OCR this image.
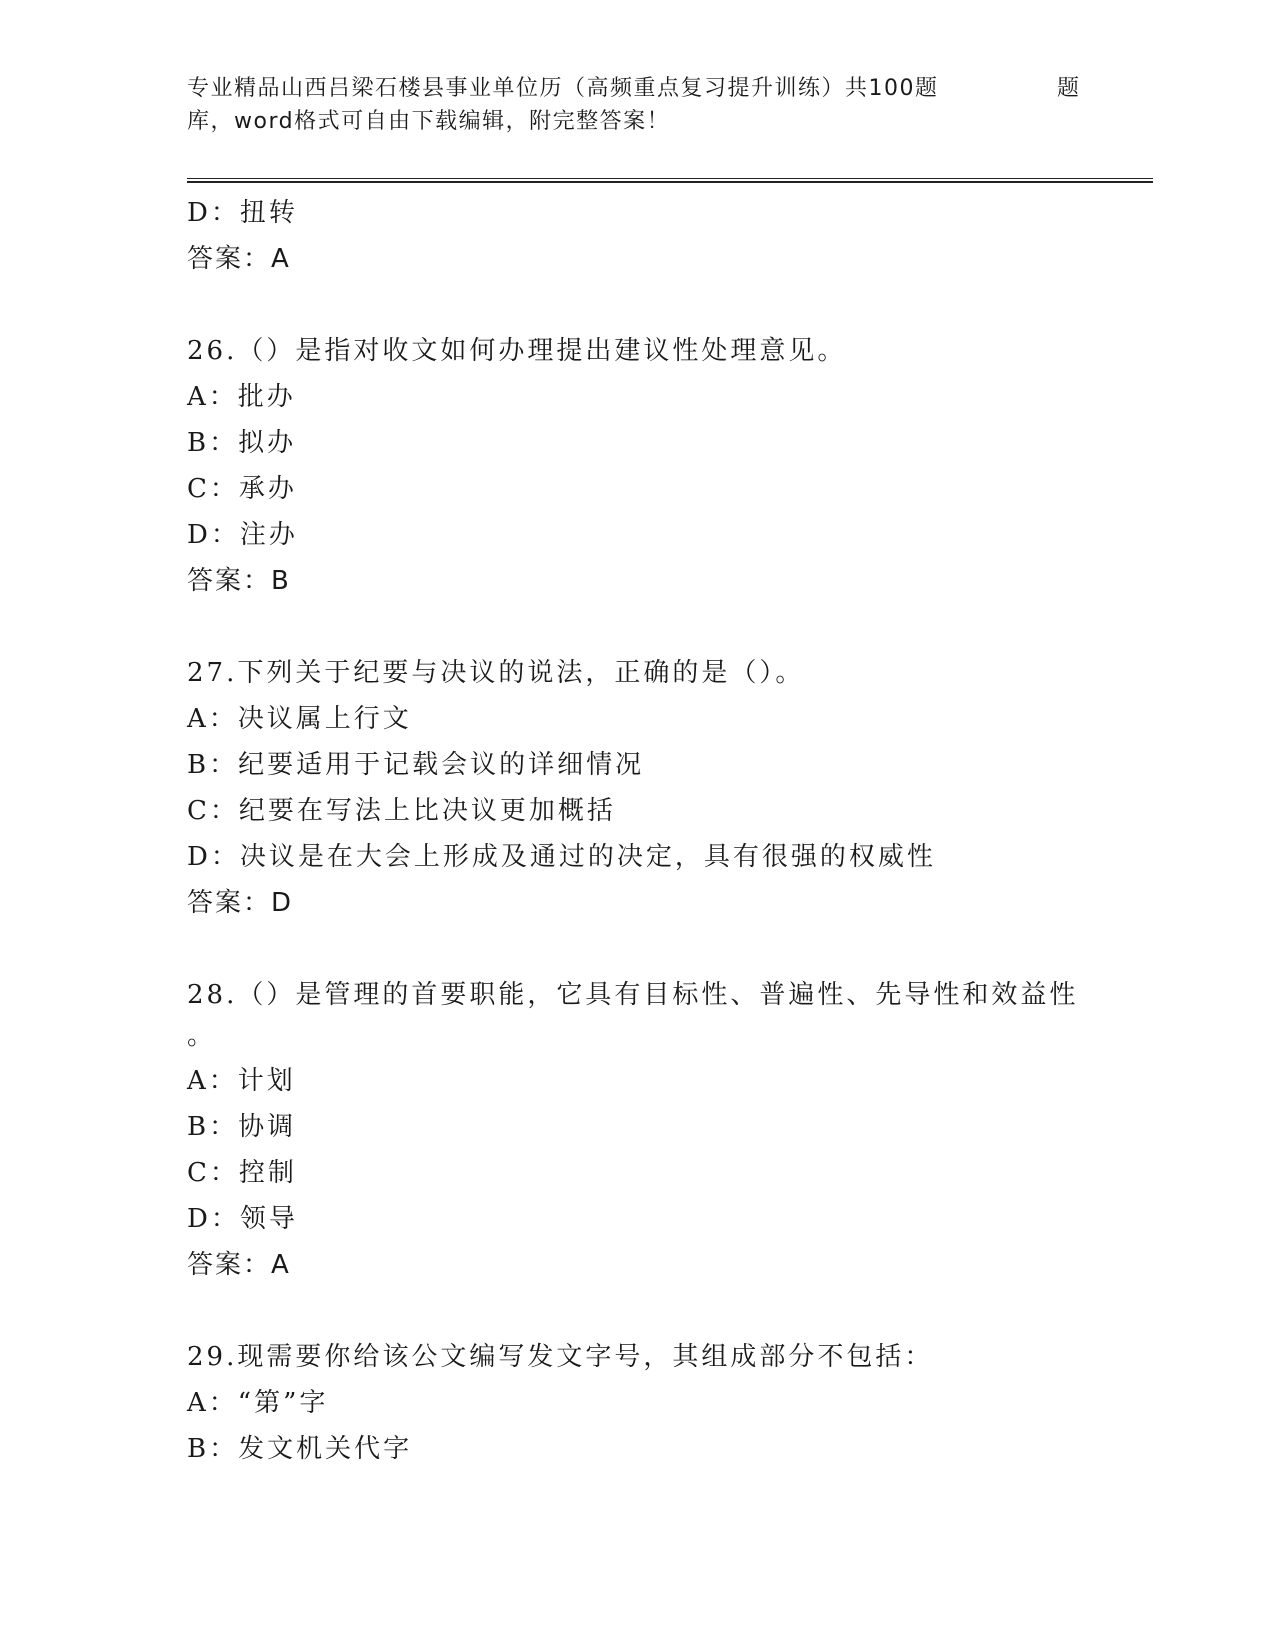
专业精品山西吕梁石楼县事业单位历（高频重点复习提升训练）共100题	题
库，word格式可自由下载编辑，附完整答案！
D：扭转
答案：A
26.（）是指对收文如何办理提出建议性处理意见。
A：批办
B：拟办
C：承办
D：注办
答案：B
27.下列关于纪要与决议的说法，正确的是（）。
A：决议属上行文
B：纪要适用于记载会议的详细情况
C：纪要在写法上比决议更加概括
D：决议是在大会上形成及通过的决定，具有很强的权威性
答案：D
28.（）是管理的首要职能，它具有目标性、普遍性、先导性和效益性
。
A：计划
B：协调
C：控制
D：领导
答案：A
29.现需要你给该公文编写发文字号，其组成部分不包括：
A：“第”字
B：发文机关代字
